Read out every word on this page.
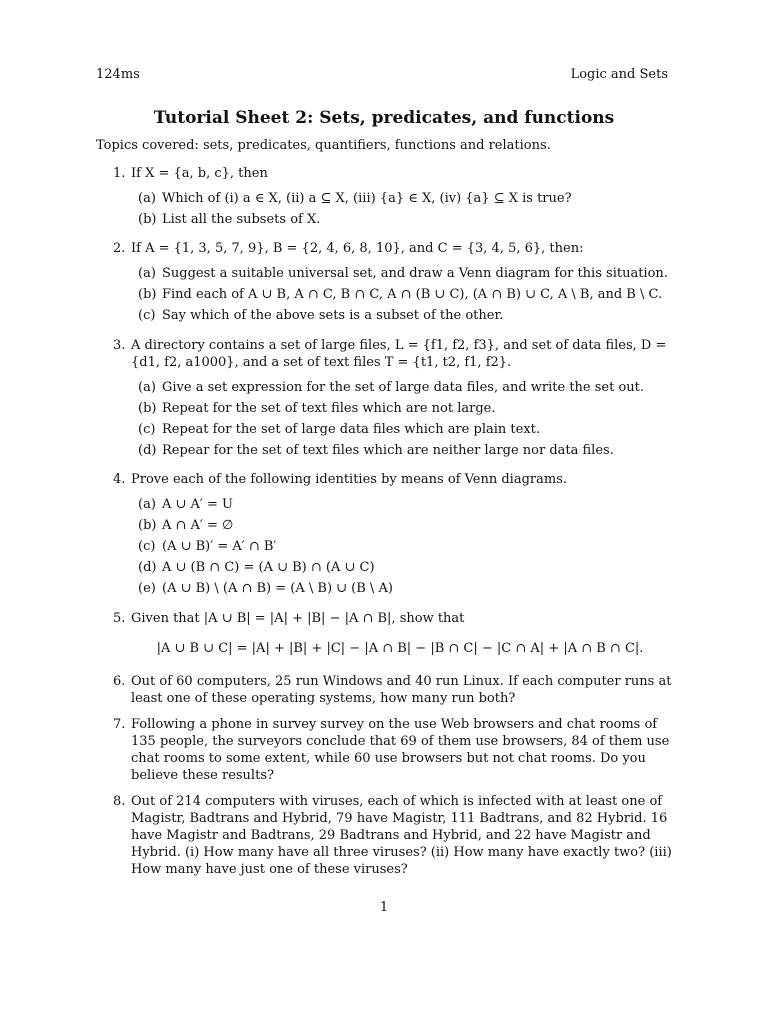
124ms	Logic and Sets
Tutorial Sheet 2: Sets, predicates, and functions
Topics covered: sets, predicates, quantifiers, functions and relations.
1. If X = {a, b, c}, then
(a) Which of (i) a ∈ X, (ii) a ⊆ X, (iii) {a} ∈ X, (iv) {a} ⊆ X is true?
(b) List all the subsets of X.
2. If A = {1, 3, 5, 7, 9}, B = {2, 4, 6, 8, 10}, and C = {3, 4, 5, 6}, then:
(a) Suggest a suitable universal set, and draw a Venn diagram for this situation.
(b) Find each of A ∪ B, A ∩ C, B ∩ C, A ∩ (B ∪ C), (A ∩ B) ∪ C, A \ B, and B \ C.
(c) Say which of the above sets is a subset of the other.
3. A directory contains a set of large files, L = {f1, f2, f3}, and set of data files, D = {d1, f2, a1000}, and a set of text files T = {t1, t2, f1, f2}.
(a) Give a set expression for the set of large data files, and write the set out.
(b) Repeat for the set of text files which are not large.
(c) Repeat for the set of large data files which are plain text.
(d) Repear for the set of text files which are neither large nor data files.
4. Prove each of the following identities by means of Venn diagrams.
(a) A ∪ A′ = U
(b) A ∩ A′ = ∅
(c) (A ∪ B)′ = A′ ∩ B′
(d) A ∪ (B ∩ C) = (A ∪ B) ∩ (A ∪ C)
(e) (A ∪ B) \ (A ∩ B) = (A \ B) ∪ (B \ A)
5. Given that |A ∪ B| = |A| + |B| − |A ∩ B|, show that
|A ∪ B ∪ C| = |A| + |B| + |C| − |A ∩ B| − |B ∩ C| − |C ∩ A| + |A ∩ B ∩ C|.
6. Out of 60 computers, 25 run Windows and 40 run Linux. If each computer runs at least one of these operating systems, how many run both?
7. Following a phone in survey survey on the use Web browsers and chat rooms of 135 people, the surveyors conclude that 69 of them use browsers, 84 of them use chat rooms to some extent, while 60 use browsers but not chat rooms. Do you believe these results?
8. Out of 214 computers with viruses, each of which is infected with at least one of Magistr, Badtrans and Hybrid, 79 have Magistr, 111 Badtrans, and 82 Hybrid. 16 have Magistr and Badtrans, 29 Badtrans and Hybrid, and 22 have Magistr and Hybrid. (i) How many have all three viruses? (ii) How many have exactly two? (iii) How many have just one of these viruses?
1
